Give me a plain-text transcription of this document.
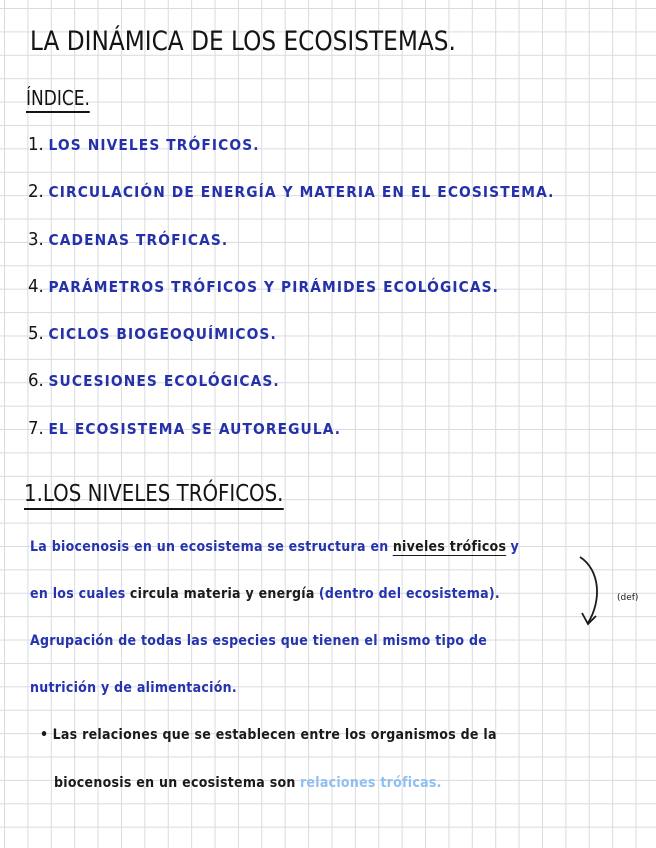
LA DINÁMICA DE LOS ECOSISTEMAS.
ÍNDICE.
1. LOS NIVELES TRÓFICOS.
2. CIRCULACIÓN DE ENERGÍA Y MATERIA EN EL ECOSISTEMA.
3. CADENAS TRÓFICAS.
4. PARÁMETROS TRÓFICOS Y PIRÁMIDES ECOLÓGICAS.
5. CICLOS BIOGEOQUÍMICOS.
6. SUCESIONES ECOLÓGICAS.
7. EL ECOSISTEMA SE AUTOREGULA.
1.LOS NIVELES TRÓFICOS.
La biocenosis en un ecosistema se estructura en niveles tróficos y
en los cuales circula materia y energía (dentro del ecosistema).	(def)
Agrupación de todas las especies que tienen el mismo tipo de
nutrición y de alimentación.
• Las relaciones que se establecen entre los organismos de la
biocenosis en un ecosistema son relaciones tróficas.
